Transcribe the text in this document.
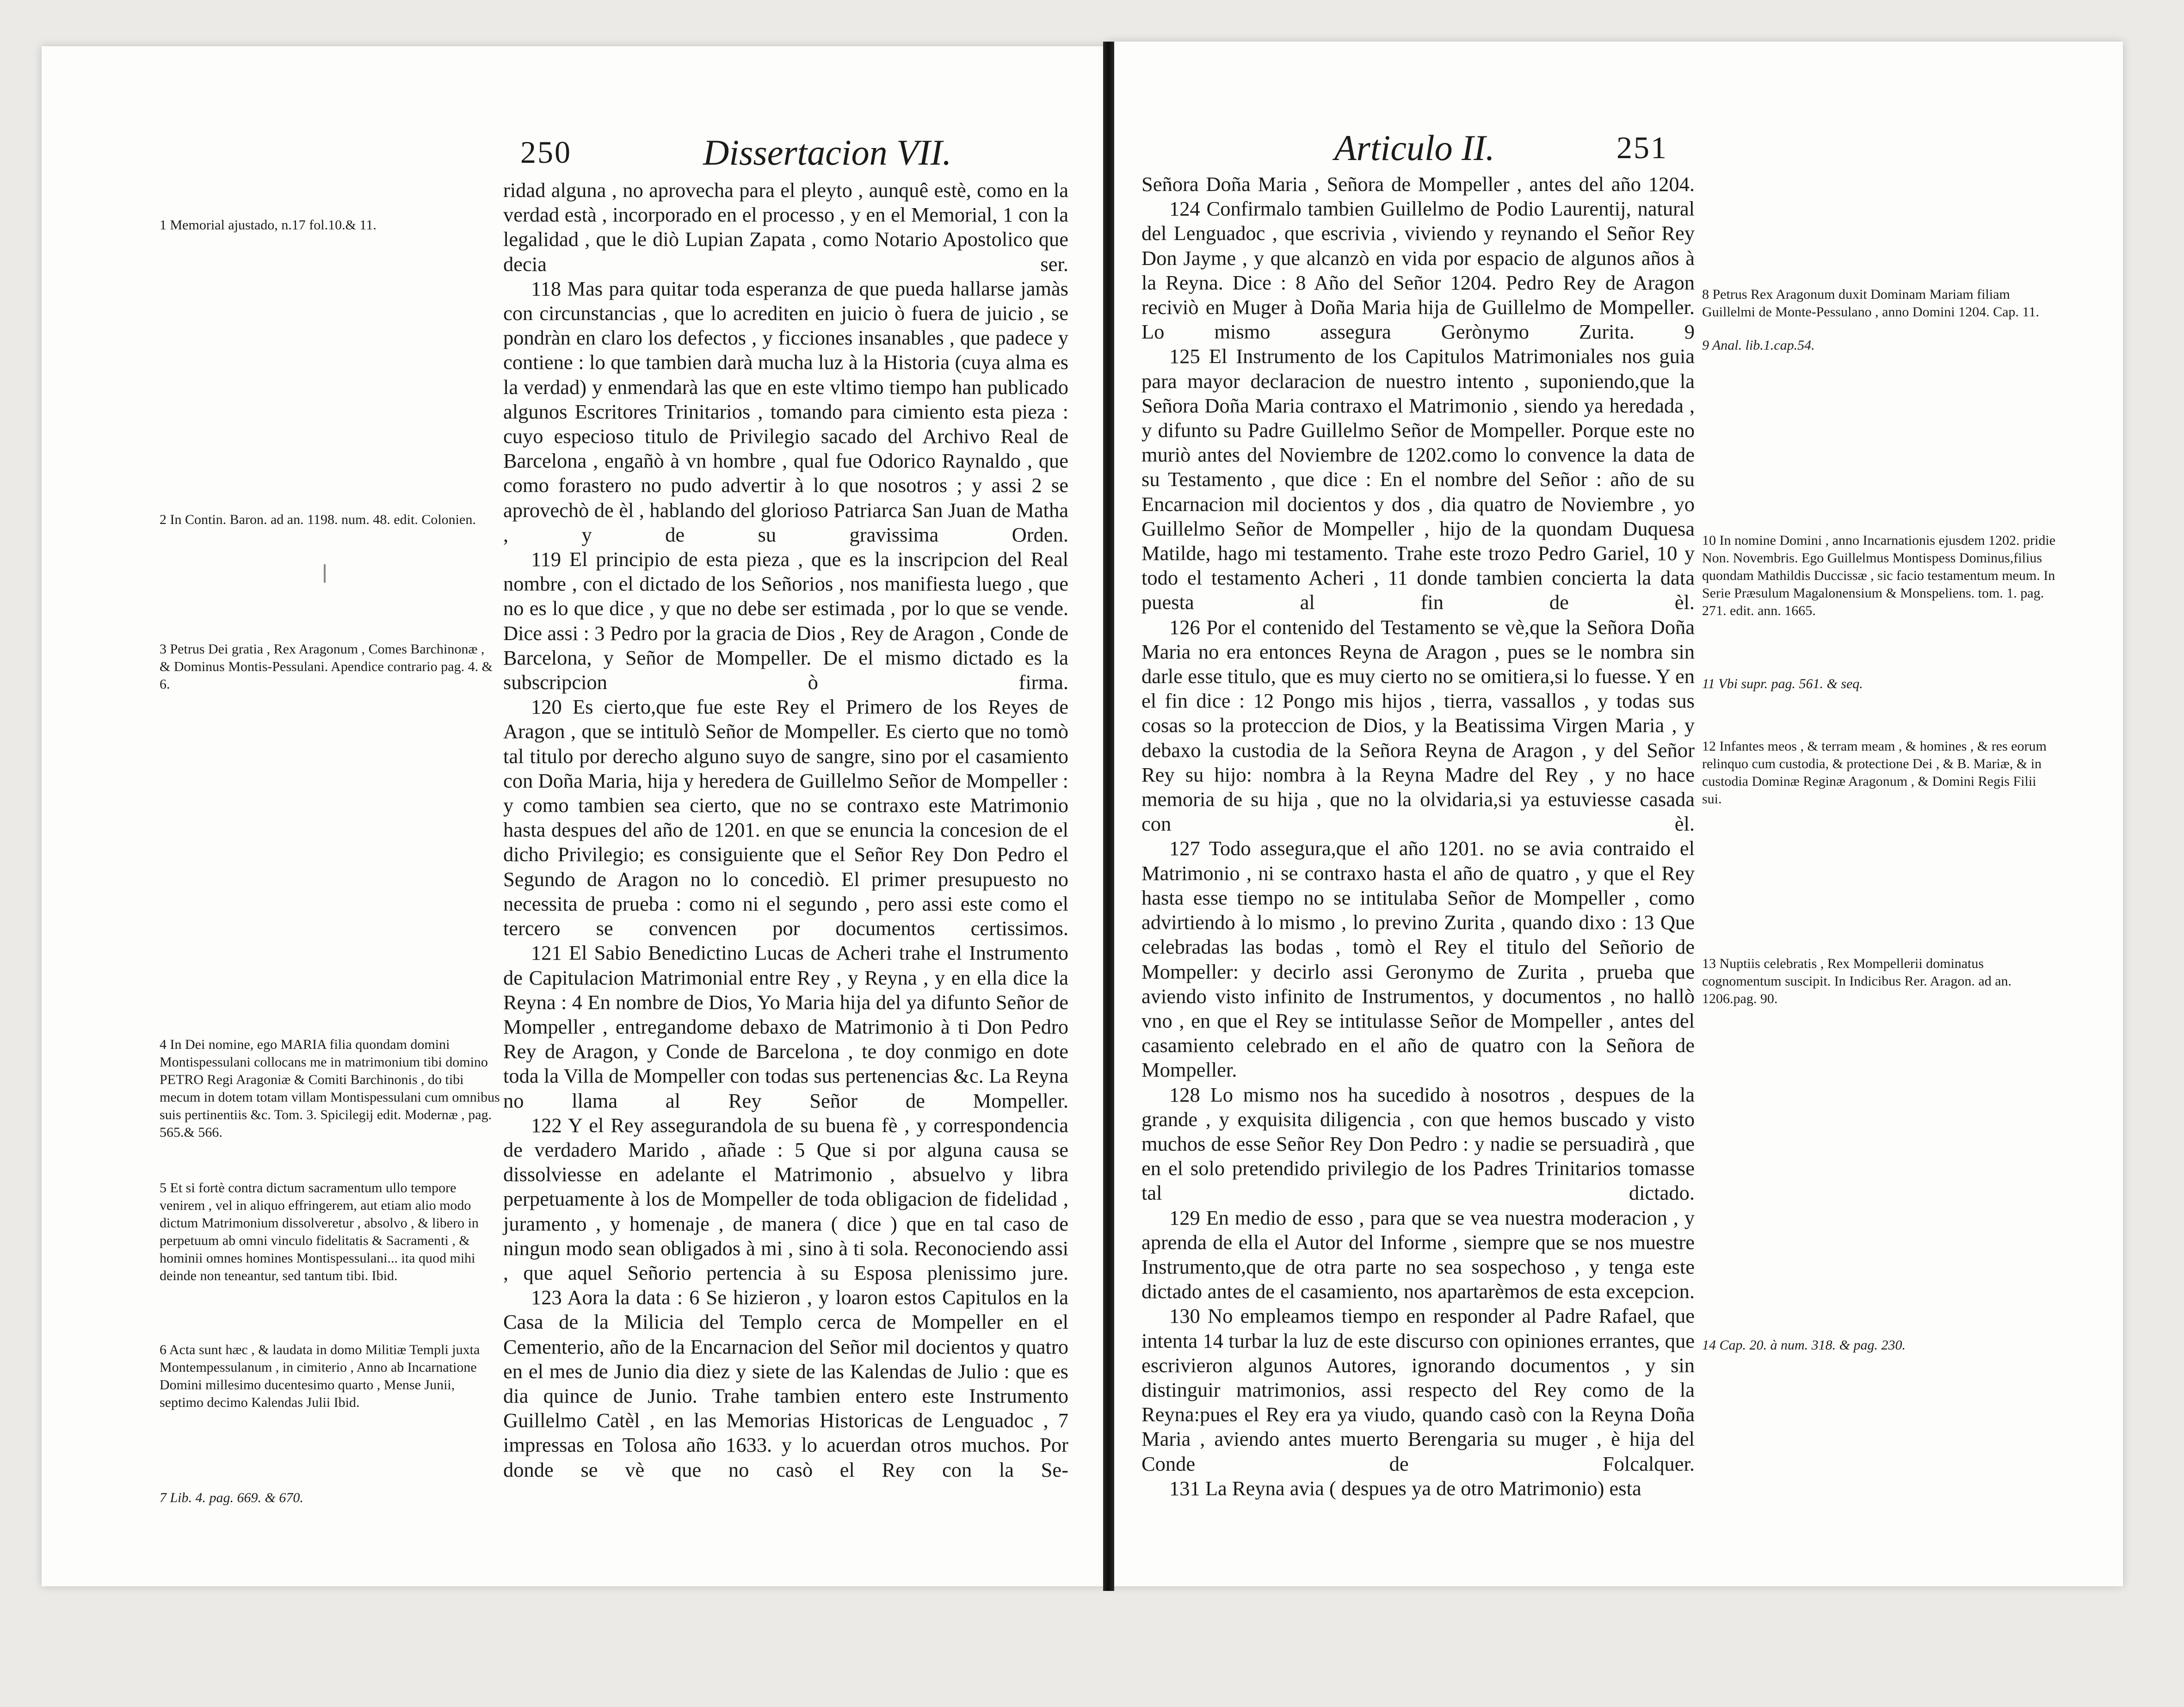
250	Dissertacion VII.

ridad alguna , no aprovecha para el pleyto , aunquê estè, como en la verdad està , incorporado en el processo , y en el Memorial, 1 con la legalidad , que le diò Lupian Zapata , como Notario Apostolico que decia ser.

118 Mas para quitar toda esperanza de que pueda hallarse jamàs con circunstancias , que lo acrediten en juicio ò fuera de juicio , se pondràn en claro los defectos , y ficciones insanables , que padece y contiene : lo que tambien darà mucha luz à la Historia (cuya alma es la verdad) y enmendarà las que en este vltimo tiempo han publicado algunos Escritores Trinitarios , tomando para cimiento esta pieza : cuyo especioso titulo de Privilegio sacado del Archivo Real de Barcelona , engañò à vn hombre , qual fue Odorico Raynaldo , que como forastero no pudo advertir à lo que nosotros ; y assi 2 se aprovechò de èl , hablando del glorioso Patriarca San Juan de Matha , y de su gravissima Orden.

119 El principio de esta pieza , que es la inscripcion del Real nombre , con el dictado de los Señorios , nos manifiesta luego , que no es lo que dice , y que no debe ser estimada , por lo que se vende. Dice assi : 3 Pedro por la gracia de Dios , Rey de Aragon , Conde de Barcelona, y Señor de Mompeller. De el mismo dictado es la subscripcion ò firma.

120 Es cierto,que fue este Rey el Primero de los Reyes de Aragon , que se intitulò Señor de Mompeller. Es cierto que no tomò tal titulo por derecho alguno suyo de sangre, sino por el casamiento con Doña Maria, hija y heredera de Guillelmo Señor de Mompeller : y como tambien sea cierto, que no se contraxo este Matrimonio hasta despues del año de 1201. en que se enuncia la concesion de el dicho Privilegio; es consiguiente que el Señor Rey Don Pedro el Segundo de Aragon no lo concediò. El primer presupuesto no necessita de prueba : como ni el segundo , pero assi este como el tercero se convencen por documentos certissimos.

121 El Sabio Benedictino Lucas de Acheri trahe el Instrumento de Capitulacion Matrimonial entre Rey , y Reyna , y en ella dice la Reyna : 4 En nombre de Dios, Yo Maria hija del ya difunto Señor de Mompeller , entregandome debaxo de Matrimonio à ti Don Pedro Rey de Aragon, y Conde de Barcelona , te doy conmigo en dote toda la Villa de Mompeller con todas sus pertenencias &c. La Reyna no llama al Rey Señor de Mompeller.

122 Y el Rey assegurandola de su buena fè , y correspondencia de verdadero Marido , añade : 5 Que si por alguna causa se dissolviesse en adelante el Matrimonio , absuelvo y libra perpetuamente à los de Mompeller de toda obligacion de fidelidad , juramento , y homenaje , de manera ( dice ) que en tal caso de ningun modo sean obligados à mi , sino à ti sola. Reconociendo assi , que aquel Señorio pertencia à su Esposa plenissimo jure.

123 Aora la data : 6 Se hizieron , y loaron estos Capitulos en la Casa de la Milicia del Templo cerca de Mompeller en el Cementerio, año de la Encarnacion del Señor mil docientos y quatro en el mes de Junio dia diez y siete de las Kalendas de Julio : que es dia quince de Junio. Trahe tambien entero este Instrumento Guillelmo Catèl , en las Memorias Historicas de Lenguadoc , 7 impressas en Tolosa año 1633. y lo acuerdan otros muchos. Por donde se vè que no casò el Rey con la Se-

1 Memorial ajustado, n.17 fol.10.& 11.
2 In Contin. Baron. ad an. 1198. num. 48. edit. Colonien.
3 Petrus Dei gratia , Rex Aragonum , Comes Barchinonæ , & Dominus Montis-Pessulani. Apendice contrario pag. 4. & 6.
4 In Dei nomine, ego MARIA filia quondam domini Montispessulani collocans me in matrimonium tibi domino PETRO Regi Aragoniæ & Comiti Barchinonis , do tibi mecum in dotem totam villam Montispessulani cum omnibus suis pertinentiis &c. Tom. 3. Spicilegij edit. Modernæ , pag. 565.& 566.
5 Et si fortè contra dictum sacramentum ullo tempore venirem , vel in aliquo effringerem, aut etiam alio modo dictum Matrimonium dissolveretur , absolvo , & libero in perpetuum ab omni vinculo fidelitatis & Sacramenti , & hominii omnes homines Montispessulani... ita quod mihi deinde non teneantur, sed tantum tibi. Ibid.
6 Acta sunt hæc , & laudata in domo Militiæ Templi juxta Montempessulanum , in cimiterio , Anno ab Incarnatione Domini millesimo ducentesimo quarto , Mense Junii, septimo decimo Kalendas Julii Ibid.
7 Lib. 4. pag. 669. & 670.
Articulo II.	251

Señora Doña Maria , Señora de Mompeller , antes del año 1204.

124 Confirmalo tambien Guillelmo de Podio Laurentij, natural del Lenguadoc , que escrivia , viviendo y reynando el Señor Rey Don Jayme , y que alcanzò en vida por espacio de algunos años à la Reyna. Dice : 8 Año del Señor 1204. Pedro Rey de Aragon reciviò en Muger à Doña Maria hija de Guillelmo de Mompeller. Lo mismo assegura Gerònymo Zurita. 9

125 El Instrumento de los Capitulos Matrimoniales nos guia para mayor declaracion de nuestro intento , suponiendo,que la Señora Doña Maria contraxo el Matrimonio , siendo ya heredada , y difunto su Padre Guillelmo Señor de Mompeller. Porque este no muriò antes del Noviembre de 1202.como lo convence la data de su Testamento , que dice : En el nombre del Señor : año de su Encarnacion mil docientos y dos , dia quatro de Noviembre , yo Guillelmo Señor de Mompeller , hijo de la quondam Duquesa Matilde, hago mi testamento. Trahe este trozo Pedro Gariel, 10 y todo el testamento Acheri , 11 donde tambien concierta la data puesta al fin de èl.

126 Por el contenido del Testamento se vè,que la Señora Doña Maria no era entonces Reyna de Aragon , pues se le nombra sin darle esse titulo, que es muy cierto no se omitiera,si lo fuesse. Y en el fin dice : 12 Pongo mis hijos , tierra, vassallos , y todas sus cosas so la proteccion de Dios, y la Beatissima Virgen Maria , y debaxo la custodia de la Señora Reyna de Aragon , y del Señor Rey su hijo: nombra à la Reyna Madre del Rey , y no hace memoria de su hija , que no la olvidaria,si ya estuviesse casada con èl.

127 Todo assegura,que el año 1201. no se avia contraido el Matrimonio , ni se contraxo hasta el año de quatro , y que el Rey hasta esse tiempo no se intitulaba Señor de Mompeller , como advirtiendo à lo mismo , lo previno Zurita , quando dixo : 13 Que celebradas las bodas , tomò el Rey el titulo del Señorio de Mompeller: y decirlo assi Geronymo de Zurita , prueba que aviendo visto infinito de Instrumentos, y documentos , no hallò vno , en que el Rey se intitulasse Señor de Mompeller , antes del casamiento celebrado en el año de quatro con la Señora de Mompeller.

128 Lo mismo nos ha sucedido à nosotros , despues de la grande , y exquisita diligencia , con que hemos buscado y visto muchos de esse Señor Rey Don Pedro : y nadie se persuadirà , que en el solo pretendido privilegio de los Padres Trinitarios tomasse tal dictado.

129 En medio de esso , para que se vea nuestra moderacion , y aprenda de ella el Autor del Informe , siempre que se nos muestre Instrumento,que de otra parte no sea sospechoso , y tenga este dictado antes de el casamiento, nos apartarèmos de esta excepcion.

130 No empleamos tiempo en responder al Padre Rafael, que intenta 14 turbar la luz de este discurso con opiniones errantes, que escrivieron algunos Autores, ignorando documentos , y sin distinguir matrimonios, assi respecto del Rey como de la Reyna:pues el Rey era ya viudo, quando casò con la Reyna Doña Maria , aviendo antes muerto Berengaria su muger , è hija del Conde de Folcalquer.

131 La Reyna avia ( despues ya de otro Matrimonio) esta

8 Petrus Rex Aragonum duxit Dominam Mariam filiam Guillelmi de Monte-Pessulano , anno Domini 1204. Cap. 11.
9 Anal. lib.1.cap.54.
10 In nomine Domini , anno Incarnationis ejusdem 1202. pridie Non. Novembris. Ego Guillelmus Montispess Dominus,filius quondam Mathildis Duccissæ , sic facio testamentum meum. In Serie Præsulum Magalonensium & Monspeliens. tom. 1. pag. 271. edit. ann. 1665.
11 Vbi supr. pag. 561. & seq.
12 Infantes meos , & terram meam , & homines , & res eorum relinquo cum custodia, & protectione Dei , & B. Mariæ, & in custodia Dominæ Reginæ Aragonum , & Domini Regis Filii sui.
13 Nuptiis celebratis , Rex Mompellerii dominatus cognomentum suscipit. In Indicibus Rer. Aragon. ad an. 1206.pag. 90.
14 Cap. 20. à num. 318. & pag. 230.
